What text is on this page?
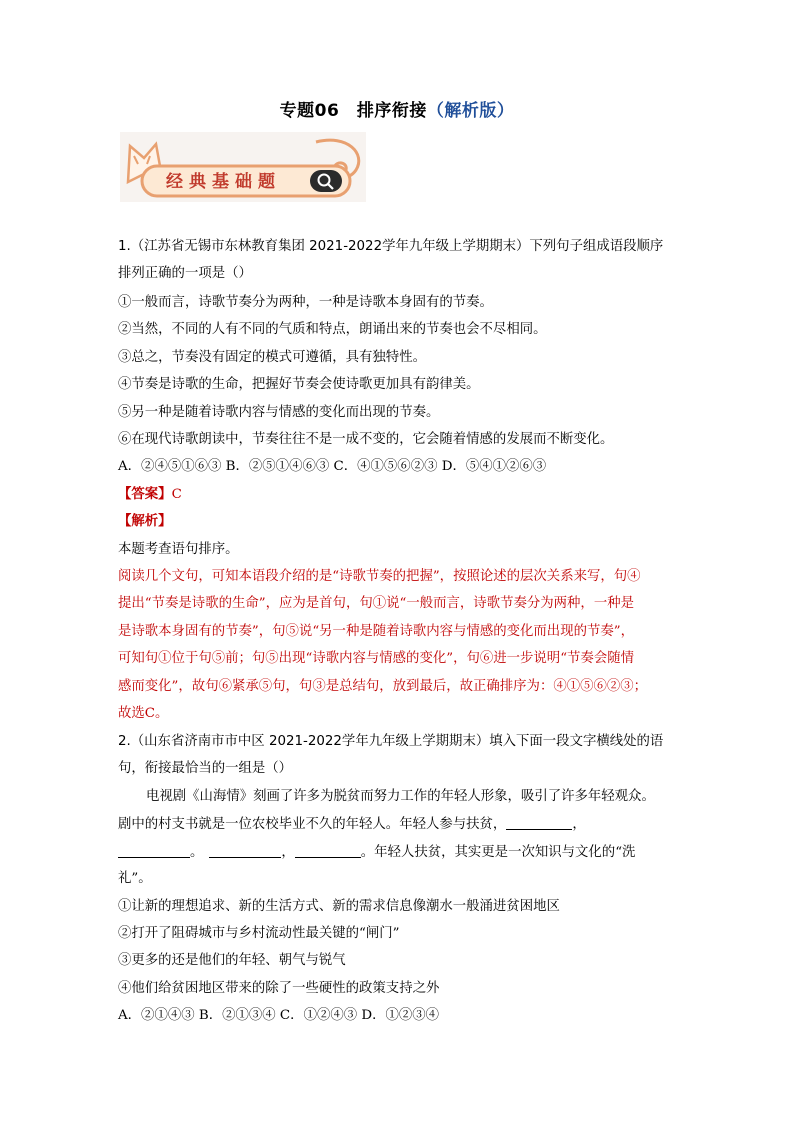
专题06　排序衔接（解析版）
经典基础题
1.（江苏省无锡市东林教育集团 2021-2022学年九年级上学期期末）下列句子组成语段顺序
排列正确的一项是（）
①一般而言，诗歌节奏分为两种，一种是诗歌本身固有的节奏。
②当然，不同的人有不同的气质和特点，朗诵出来的节奏也会不尽相同。
③总之，节奏没有固定的模式可遵循，具有独特性。
④节奏是诗歌的生命，把握好节奏会使诗歌更加具有韵律美。
⑤另一种是随着诗歌内容与情感的变化而出现的节奏。
⑥在现代诗歌朗读中，节奏往往不是一成不变的，它会随着情感的发展而不断变化。
A．②④⑤①⑥③ B．②⑤①④⑥③ C．④①⑤⑥②③ D．⑤④①②⑥③
【答案】C
【解析】
本题考查语句排序。
阅读几个文句，可知本语段介绍的是“诗歌节奏的把握”，按照论述的层次关系来写，句④
提出“节奏是诗歌的生命”，应为是首句，句①说“一般而言，诗歌节奏分为两种，一种是
是诗歌本身固有的节奏”，句⑤说“另一种是随着诗歌内容与情感的变化而出现的节奏”，
可知句①位于句⑤前；句⑤出现“诗歌内容与情感的变化”，句⑥进一步说明“节奏会随情
感而变化”，故句⑥紧承⑤句，句③是总结句，放到最后，故正确排序为：④①⑤⑥②③；
故选C。
2.（山东省济南市市中区 2021-2022学年九年级上学期期末）填入下面一段文字横线处的语
句，衔接最恰当的一组是（）
电视剧《山海情》刻画了许多为脱贫而努力工作的年轻人形象，吸引了许多年轻观众。
剧中的村支书就是一位农校毕业不久的年轻人。年轻人参与扶贫，	，
。	，	。年轻人扶贫，其实更是一次知识与文化的“洗
礼”。
①让新的理想追求、新的生活方式、新的需求信息像潮水一般涌进贫困地区
②打开了阻碍城市与乡村流动性最关键的“闸门”
③更多的还是他们的年轻、朝气与锐气
④他们给贫困地区带来的除了一些硬性的政策支持之外
A．②①④③ B．②①③④ C．①②④③ D．①②③④
